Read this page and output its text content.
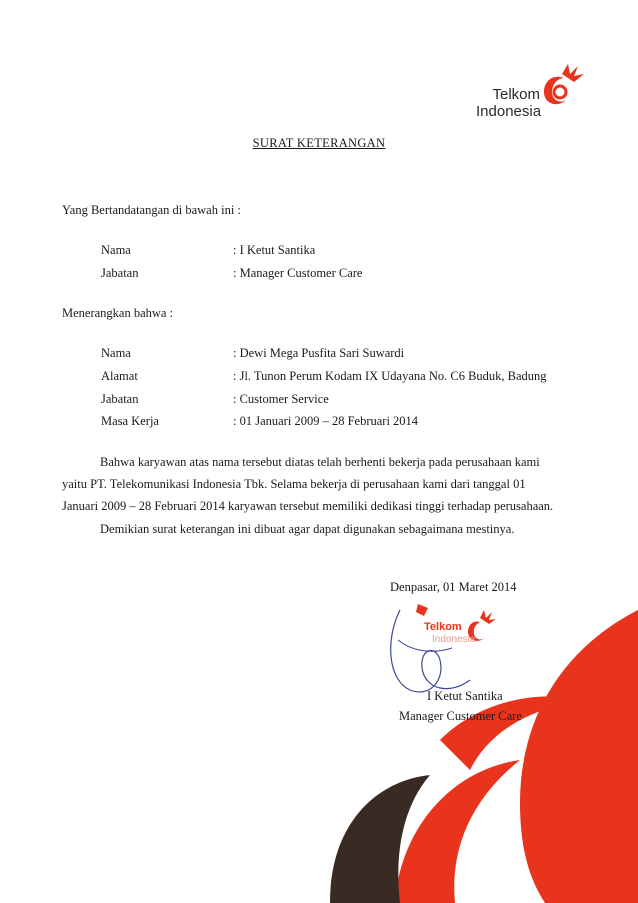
Telkom
Indonesia
SURAT KETERANGAN
Yang Bertandatangan di bawah ini :
Nama	: I Ketut Santika
Jabatan	: Manager Customer Care
Menerangkan bahwa :
Nama	: Dewi Mega Pusfita Sari Suwardi
Alamat	: Jl. Tunon Perum Kodam IX Udayana No. C6 Buduk, Badung
Jabatan	: Customer Service
Masa Kerja	: 01 Januari 2009 – 28 Februari 2014
Bahwa karyawan atas nama tersebut diatas telah berhenti bekerja pada perusahaan kami
yaitu PT. Telekomunikasi Indonesia Tbk. Selama bekerja di perusahaan kami dari tanggal 01
Januari 2009 – 28 Februari 2014 karyawan tersebut memiliki dedikasi tinggi terhadap perusahaan.
Demikian surat keterangan ini dibuat agar dapat digunakan sebagaimana mestinya.
Denpasar, 01 Maret 2014
Telkom
Indonesia
I Ketut Santika
Manager Customer Care
